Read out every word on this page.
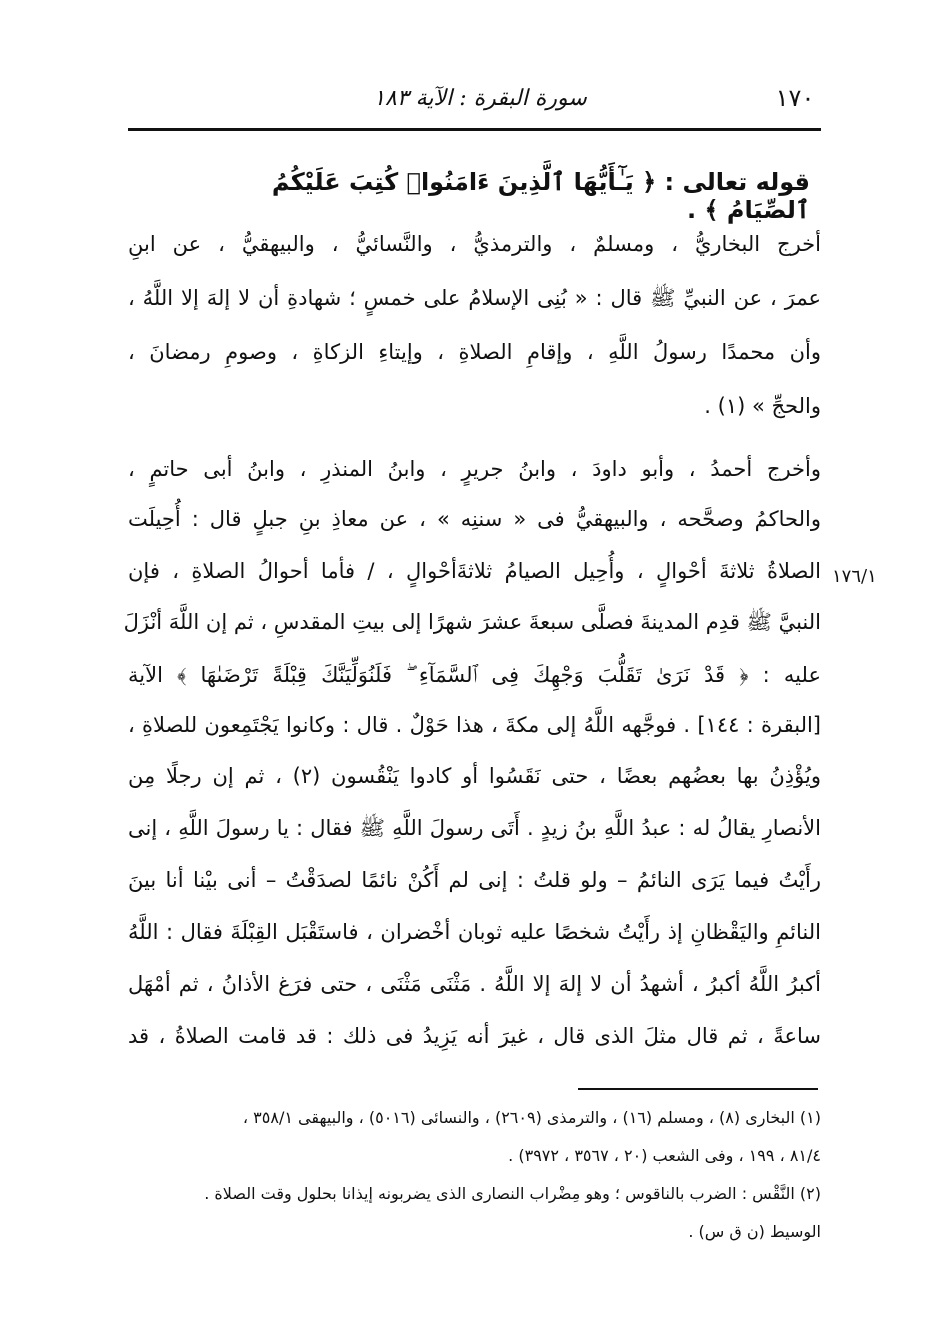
١٧٠
سورة البقرة : الآية ١٨٣
قوله تعالى : ﴿ يَـٰٓأَيُّهَا ٱلَّذِينَ ءَامَنُوا۟ كُتِبَ عَلَيْكُمُ ٱلصِّيَامُ ﴾ .
أخرج البخاريُّ ، ومسلمٌ ، والترمذيُّ ، والنَّسائيُّ ، والبيهقيُّ ، عن ابنِ
عمرَ ، عن النبيِّ ﷺ قال : « بُنِى الإسلامُ على خمسٍ ؛ شهادةِ أن لا إلهَ إلا اللَّهُ ،
وأن محمدًا رسولُ اللَّهِ ، وإقامِ الصلاةِ ، وإيتاءِ الزكاةِ ، وصومِ رمضانَ ،
والحجِّ » (١) .
وأخرج أحمدُ ، وأبو داودَ ، وابنُ جريرٍ ، وابنُ المنذرِ ، وابنُ أبى حاتمٍ ،
والحاكمُ وصحَّحه ، والبيهقيُّ فى « سننِه » ، عن معاذِ بنِ جبلٍ قال : أُحِيلَت
الصلاةُ ثلاثةَ أحْوالٍ ، وأُحِيل الصيامُ ثلاثةَأحْوالٍ ، / فأما أحوالُ الصلاةِ ، فإن
النبيَّ ﷺ قدِم المدينةَ فصلَّى سبعةَ عشرَ شهرًا إلى بيتِ المقدسِ ، ثم إن اللَّهَ أنْزَلَ
عليه : ﴿ قَدْ نَرَىٰ تَقَلُّبَ وَجْهِكَ فِى ٱلسَّمَآءِ ۖ فَلَنُوَلِّيَنَّكَ قِبْلَةً تَرْضَىٰهَا ﴾ الآية
[البقرة : ١٤٤] . فوجَّهه اللَّهُ إلى مكةَ ، هذا حَوْلٌ . قال : وكانوا يَجْتَمِعون للصلاةِ ،
ويُؤْذِنُ بها بعضُهم بعضًا ، حتى نَقَسُوا أو كادوا يَنْقُسون (٢) ، ثم إن رجلًا مِن
الأنصارِ يقالُ له : عبدُ اللَّهِ بنُ زيدٍ . أَتَى رسولَ اللَّهِ ﷺ فقال : يا رسولَ اللَّهِ ، إنى
رأَيْتُ فيما يَرَى النائمُ – ولو قلتُ : إنى لم أَكُنْ نائمًا لصدَقْتُ – أنى بيْنا أنا بينَ
النائمِ واليَقْظانِ إذ رأَيْتُ شخصًا عليه ثوبان أخْضران ، فاستَقْبَل القِبْلَةَ فقال : اللَّهُ
أكبرُ اللَّهُ أكبرُ ، أشهدُ أن لا إلهَ إلا اللَّهُ . مَثْنَى مَثْنَى ، حتى فرَغ الأذانُ ، ثم أمْهَل
ساعةً ، ثم قال مثلَ الذى قال ، غيرَ أنه يَزِيدُ فى ذلك : قد قامت الصلاةُ ، قد
١٧٦/١
(١) البخارى (٨) ، ومسلم (١٦) ، والترمذى (٢٦٠٩) ، والنسائى (٥٠١٦) ، والبيهقى ٣٥٨/١ ،
٨١/٤ ، ١٩٩ ، وفى الشعب (٢٠ ، ٣٥٦٧ ، ٣٩٧٢) .
(٢) النَّقْس : الضرب بالناقوس ؛ وهو مِضْراب النصارى الذى يضربونه إيذانا بحلول وقت الصلاة .
الوسيط (ن ق س) .
